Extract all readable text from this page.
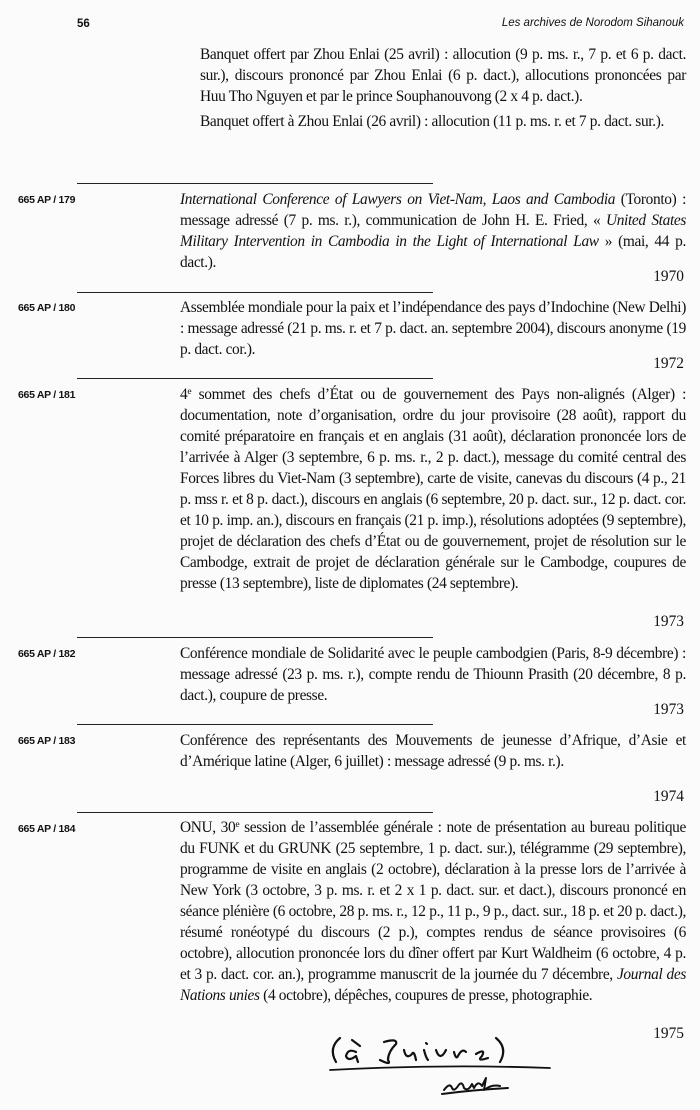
56	Les archives de Norodom Sihanouk

Banquet offert par Zhou Enlai (25 avril) : allocution (9 p. ms. r., 7 p. et 6 p. dact. sur.), discours prononcé par Zhou Enlai (6 p. dact.), allocutions prononcées par Huu Tho Nguyen et par le prince Souphanouvong (2 x 4 p. dact.).

Banquet offert à Zhou Enlai (26 avril) : allocution (11 p. ms. r. et 7 p. dact. sur.).

665 AP / 179	International Conference of Lawyers on Viet-Nam, Laos and Cambodia (Toronto) : message adressé (7 p. ms. r.), communication de John H. E. Fried, « United States Military Intervention in Cambodia in the Light of International Law » (mai, 44 p. dact.).
1970
665 AP / 180	Assemblée mondiale pour la paix et l’indépendance des pays d’Indochine (New Delhi) : message adressé (21 p. ms. r. et 7 p. dact. an. septembre 2004), discours anonyme (19 p. dact. cor.).
1972
665 AP / 181	4e sommet des chefs d’État ou de gouvernement des Pays non-alignés (Alger) : documentation, note d’organisation, ordre du jour provisoire (28 août), rapport du comité préparatoire en français et en anglais (31 août), déclaration prononcée lors de l’arrivée à Alger (3 septembre, 6 p. ms. r., 2 p. dact.), message du comité central des Forces libres du Viet-Nam (3 septembre), carte de visite, canevas du discours (4 p., 21 p. mss r. et 8 p. dact.), discours en anglais (6 septembre, 20 p. dact. sur., 12 p. dact. cor. et 10 p. imp. an.), discours en français (21 p. imp.), résolutions adoptées (9 septembre), projet de déclaration des chefs d’État ou de gouvernement, projet de résolution sur le Cambodge, extrait de projet de déclaration générale sur le Cambodge, coupures de presse (13 septembre), liste de diplomates (24 septembre).
1973
665 AP / 182	Conférence mondiale de Solidarité avec le peuple cambodgien (Paris, 8-9 décembre) : message adressé (23 p. ms. r.), compte rendu de Thiounn Prasith (20 décembre, 8 p. dact.), coupure de presse.
1973
665 AP / 183	Conférence des représentants des Mouvements de jeunesse d’Afrique, d’Asie et d’Amérique latine (Alger, 6 juillet) : message adressé (9 p. ms. r.).
1974
665 AP / 184	ONU, 30e session de l’assemblée générale : note de présentation au bureau politique du FUNK et du GRUNK (25 septembre, 1 p. dact. sur.), télégramme (29 septembre), programme de visite en anglais (2 octobre), déclaration à la presse lors de l’arrivée à New York (3 octobre, 3 p. ms. r. et 2 x 1 p. dact. sur. et dact.), discours prononcé en séance plénière (6 octobre, 28 p. ms. r., 12 p., 11 p., 9 p., dact. sur., 18 p. et 20 p. dact.), résumé ronéotypé du discours (2 p.), comptes rendus de séance provisoires (6 octobre), allocution prononcée lors du dîner offert par Kurt Waldheim (6 octobre, 4 p. et 3 p. dact. cor. an.), programme manuscrit de la journée du 7 décembre, Journal des Nations unies (4 octobre), dépêches, coupures de presse, photographie.
1975
